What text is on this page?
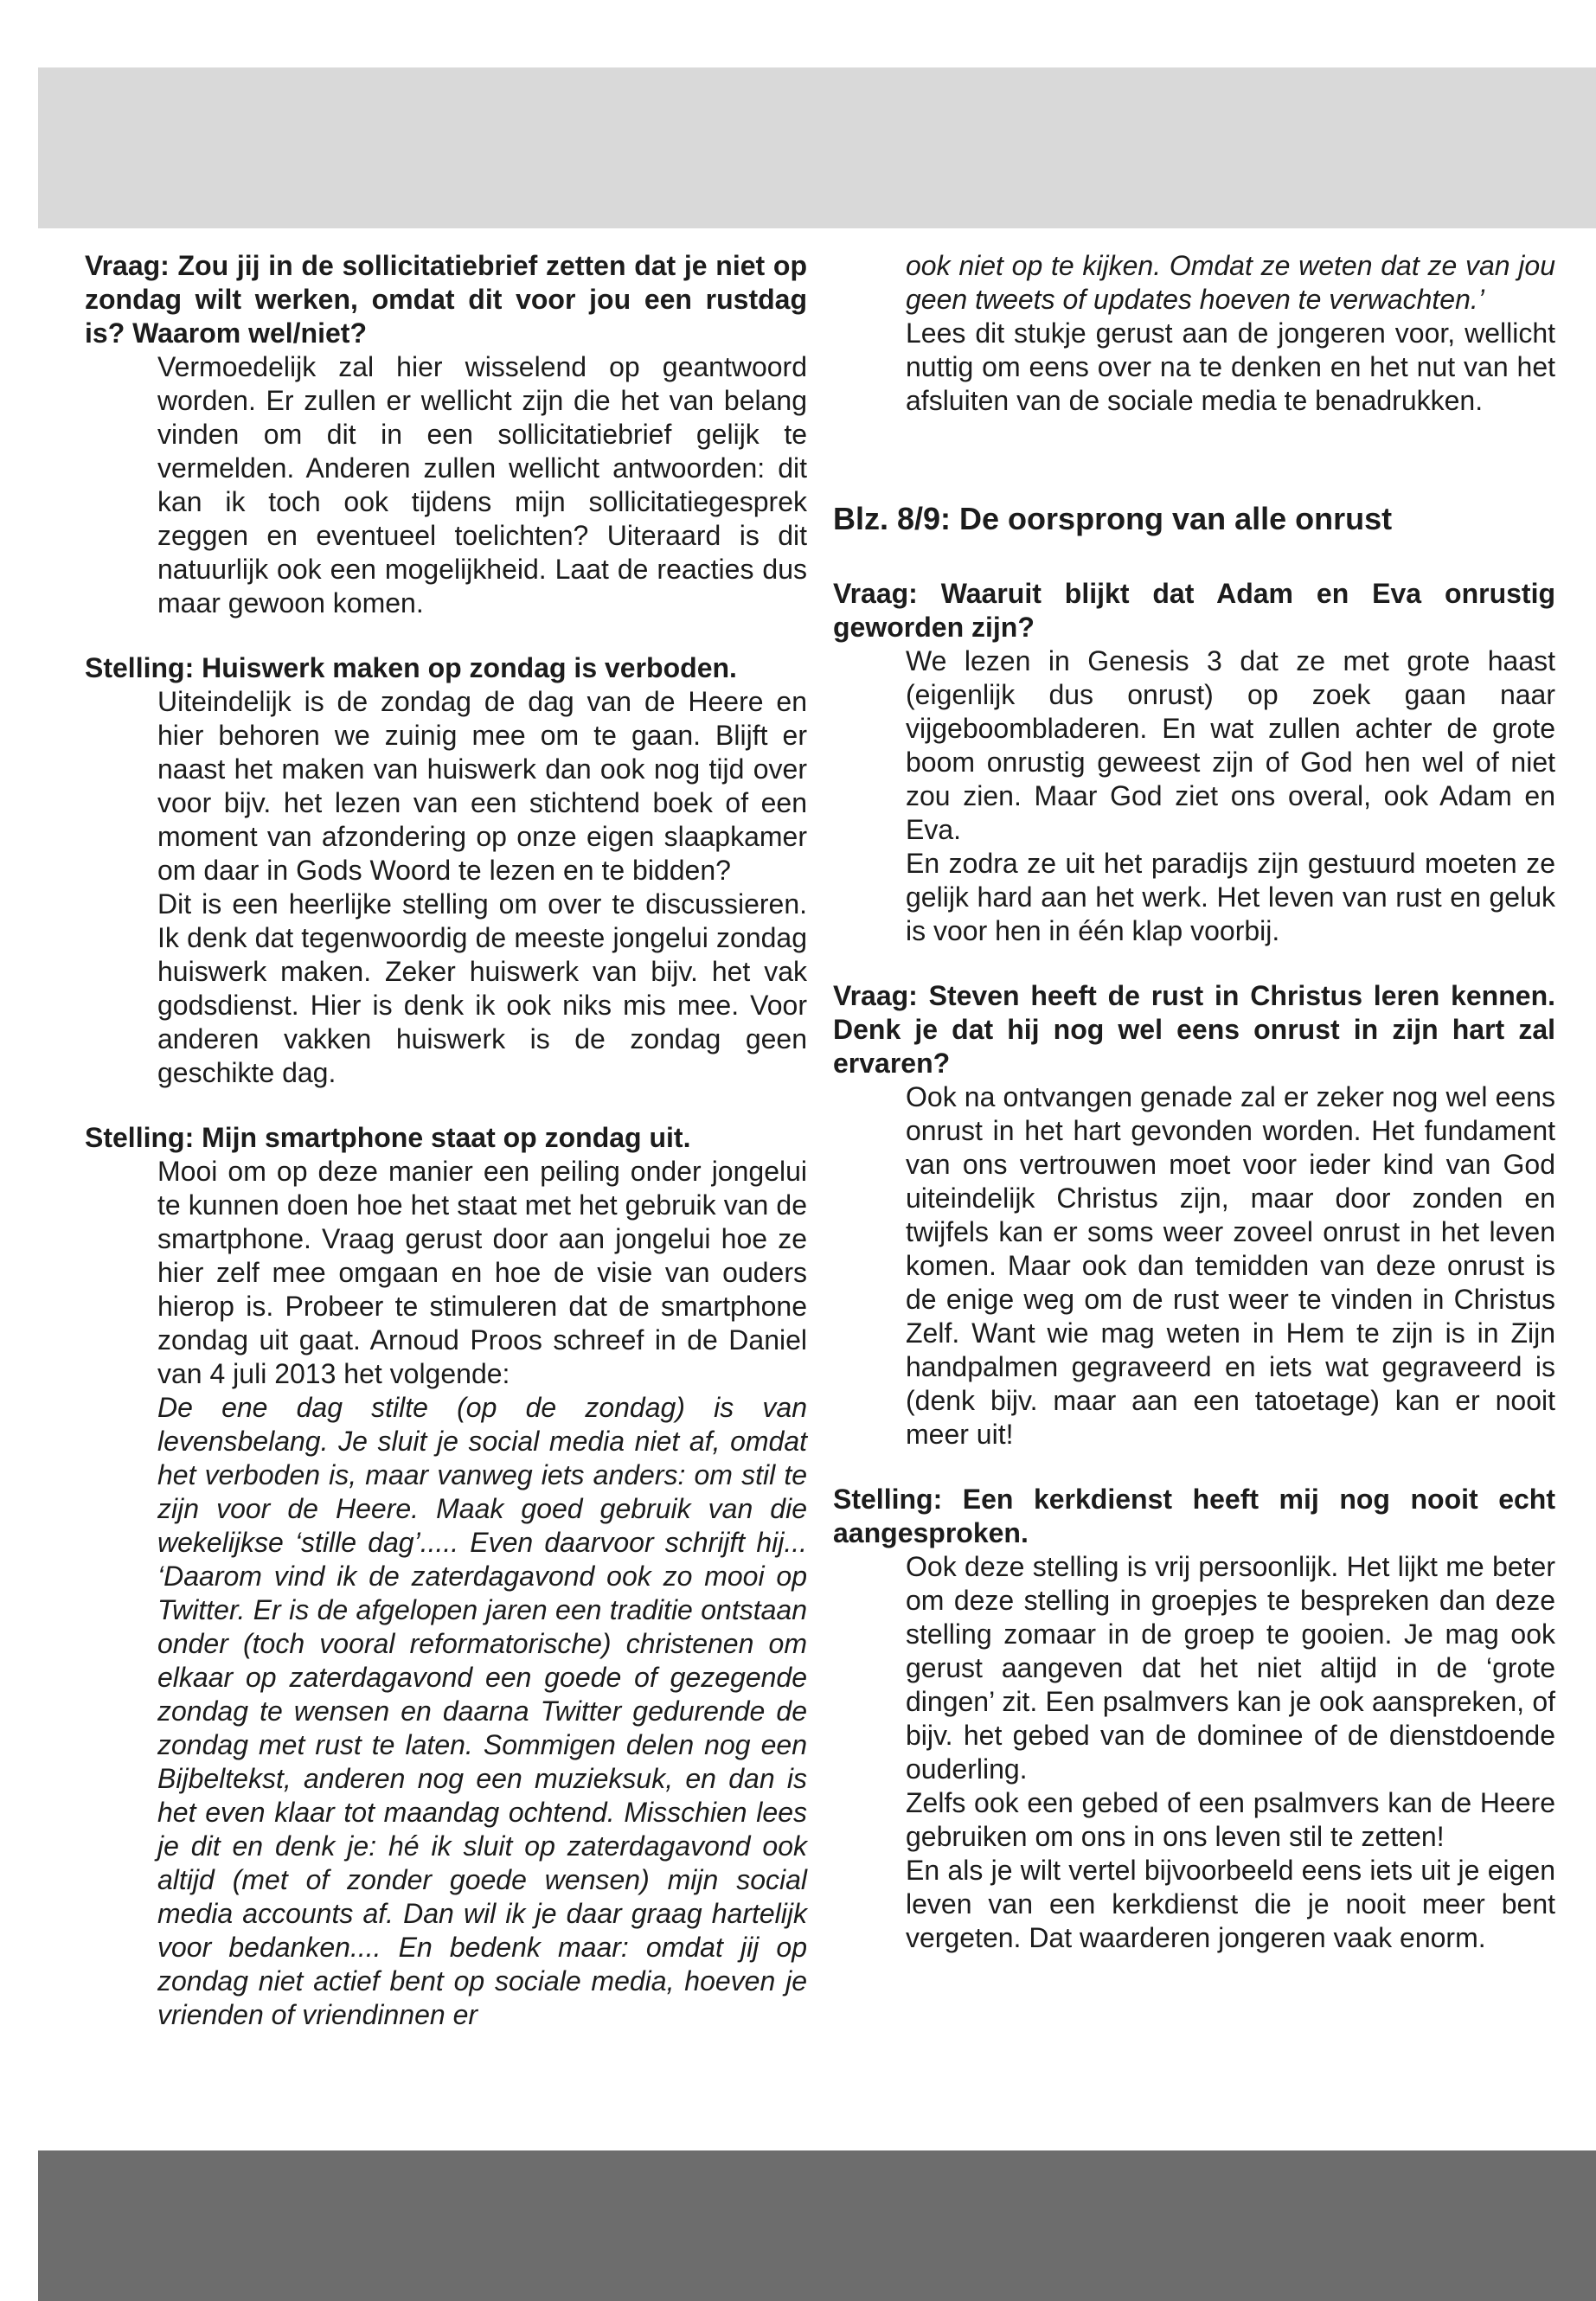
Vraag: Zou jij in de sollicitatiebrief zetten dat je niet op zondag wilt werken, omdat dit voor jou een rustdag is? Waarom wel/niet?
Vermoedelijk zal hier wisselend op geantwoord worden. Er zullen er wellicht zijn die het van belang vinden om dit in een sollicitatiebrief gelijk te vermelden. Anderen zullen wellicht antwoorden: dit kan ik toch ook tijdens mijn sollicitatiegesprek zeggen en eventueel toelichten? Uiteraard is dit natuurlijk ook een mogelijkheid. Laat de reacties dus maar gewoon komen.
Stelling: Huiswerk maken op zondag is verboden.
Uiteindelijk is de zondag de dag van de Heere en hier behoren we zuinig mee om te gaan. Blijft er naast het maken van huiswerk dan ook nog tijd over voor bijv. het lezen van een stichtend boek of een moment van afzondering op onze eigen slaapkamer om daar in Gods Woord te lezen en te bidden?
Dit is een heerlijke stelling om over te discussieren. Ik denk dat tegenwoordig de meeste jongelui zondag huiswerk maken. Zeker huiswerk van bijv. het vak godsdienst. Hier is denk ik ook niks mis mee. Voor anderen vakken huiswerk is de zondag geen geschikte dag.
Stelling: Mijn smartphone staat op zondag uit.
Mooi om op deze manier een peiling onder jongelui te kunnen doen hoe het staat met het gebruik van de smartphone. Vraag gerust door aan jongelui hoe ze hier zelf mee omgaan en hoe de visie van ouders hierop is. Probeer te stimuleren dat de smartphone zondag uit gaat. Arnoud Proos schreef in de Daniel van 4 juli 2013 het volgende:
De ene dag stilte (op de zondag) is van levensbelang. Je sluit je social media niet af, omdat het verboden is, maar vanweg iets anders: om stil te zijn voor de Heere. Maak goed gebruik van die wekelijkse ‘stille dag’..... Even daarvoor schrijft hij... ‘Daarom vind ik de zaterdagavond ook zo mooi op Twitter. Er is de afgelopen jaren een traditie ontstaan onder (toch vooral reformatorische) christenen om elkaar op zaterdagavond een goede of gezegende zondag te wensen en daarna Twitter gedurende de zondag met rust te laten. Sommigen delen nog een Bijbeltekst, anderen nog een muzieksuk, en dan is het even klaar tot maandag ochtend. Misschien lees je dit en denk je: hé ik sluit op zaterdagavond ook altijd (met of zonder goede wensen) mijn social media accounts af. Dan wil ik je daar graag hartelijk voor bedanken.... En bedenk maar: omdat jij op zondag niet actief bent op sociale media, hoeven je vrienden of vriendinnen er
ook niet op te kijken. Omdat ze weten dat ze van jou geen tweets of updates hoeven te verwachten.’
Lees dit stukje gerust aan de jongeren voor, wellicht nuttig om eens over na te denken en het nut van het afsluiten van de sociale media te benadrukken.
Blz. 8/9: De oorsprong van alle onrust
Vraag: Waaruit blijkt dat Adam en Eva onrustig geworden zijn?
We lezen in Genesis 3 dat ze met grote haast (eigenlijk dus onrust) op zoek gaan naar vijgeboombladeren. En wat zullen achter de grote boom onrustig geweest zijn of God hen wel of niet zou zien. Maar God ziet ons overal, ook Adam en Eva.
En zodra ze uit het paradijs zijn gestuurd moeten ze gelijk hard aan het werk. Het leven van rust en geluk is voor hen in één klap voorbij.
Vraag: Steven heeft de rust in Christus leren kennen. Denk je dat hij nog wel eens onrust in zijn hart zal ervaren?
Ook na ontvangen genade zal er zeker nog wel eens onrust in het hart gevonden worden. Het fundament van ons vertrouwen moet voor ieder kind van God uiteindelijk Christus zijn, maar door zonden en twijfels kan er soms weer zoveel onrust in het leven komen. Maar ook dan temidden van deze onrust is de enige weg om de rust weer te vinden in Christus Zelf. Want wie mag weten in Hem te zijn is in Zijn handpalmen gegraveerd en iets wat gegraveerd is (denk bijv. maar aan een tatoetage) kan er nooit meer uit!
Stelling: Een kerkdienst heeft mij nog nooit echt aangesproken.
Ook deze stelling is vrij persoonlijk. Het lijkt me beter om deze stelling in groepjes te bespreken dan deze stelling zomaar in de groep te gooien. Je mag ook gerust aangeven dat het niet altijd in de ‘grote dingen’ zit. Een psalmvers kan je ook aanspreken, of bijv. het gebed van de dominee of de dienstdoende ouderling.
Zelfs ook een gebed of een psalmvers kan de Heere gebruiken om ons in ons leven stil te zetten!
En als je wilt vertel bijvoorbeeld eens iets uit je eigen leven van een kerkdienst die je nooit meer bent vergeten. Dat waarderen jongeren vaak enorm.
